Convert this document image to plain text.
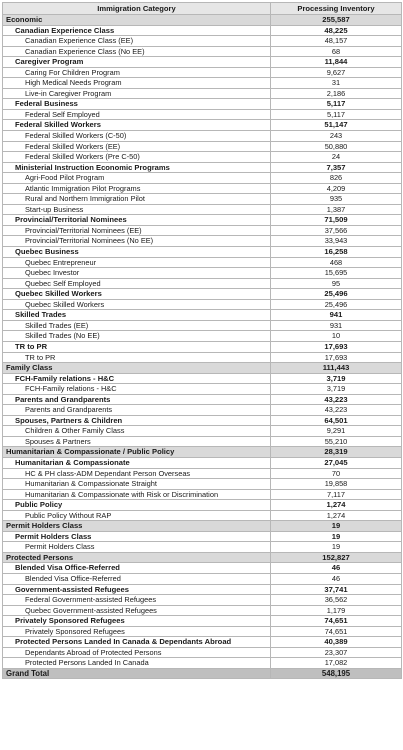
Immigration Category	Processing Inventory
Economic	255,587
Canadian Experience Class	48,225
Canadian Experience Class (EE)	48,157
Canadian Experience Class (No EE)	68
Caregiver Program	11,844
Caring For Children Program	9,627
High Medical Needs Program	31
Live-in Caregiver Program	2,186
Federal Business	5,117
Federal Self Employed	5,117
Federal Skilled Workers	51,147
Federal Skilled Workers (C-50)	243
Federal Skilled Workers (EE)	50,880
Federal Skilled Workers (Pre C-50)	24
Ministerial Instruction Economic Programs	7,357
Agri-Food Pilot Program	826
Atlantic Immigration Pilot Programs	4,209
Rural and Northern Immigration Pilot	935
Start-up Business	1,387
Provincial/Territorial Nominees	71,509
Provincial/Territorial Nominees (EE)	37,566
Provincial/Territorial Nominees (No EE)	33,943
Quebec Business	16,258
Quebec Entrepreneur	468
Quebec Investor	15,695
Quebec Self Employed	95
Quebec Skilled Workers	25,496
Quebec Skilled Workers	25,496
Skilled Trades	941
Skilled Trades (EE)	931
Skilled Trades (No EE)	10
TR to PR	17,693
TR to PR	17,693
Family Class	111,443
FCH-Family relations - H&C	3,719
FCH-Family relations - H&C	3,719
Parents and Grandparents	43,223
Parents and Grandparents	43,223
Spouses, Partners & Children	64,501
Children & Other Family Class	9,291
Spouses & Partners	55,210
Humanitarian & Compassionate / Public Policy	28,319
Humanitarian & Compassionate	27,045
HC & PH class-ADM Dependant Person Overseas	70
Humanitarian & Compassionate Straight	19,858
Humanitarian & Compassionate with Risk or Discrimination	7,117
Public Policy	1,274
Public Policy Without RAP	1,274
Permit Holders Class	19
Permit Holders Class	19
Permit Holders Class	19
Protected Persons	152,827
Blended Visa Office-Referred	46
Blended Visa Office-Referred	46
Government-assisted Refugees	37,741
Federal Government-assisted Refugees	36,562
Quebec Government-assisted Refugees	1,179
Privately Sponsored Refugees	74,651
Privately Sponsored Refugees	74,651
Protected Persons Landed In Canada & Dependants Abroad	40,389
Dependants Abroad of Protected Persons	23,307
Protected Persons Landed In Canada	17,082
Grand Total	548,195
